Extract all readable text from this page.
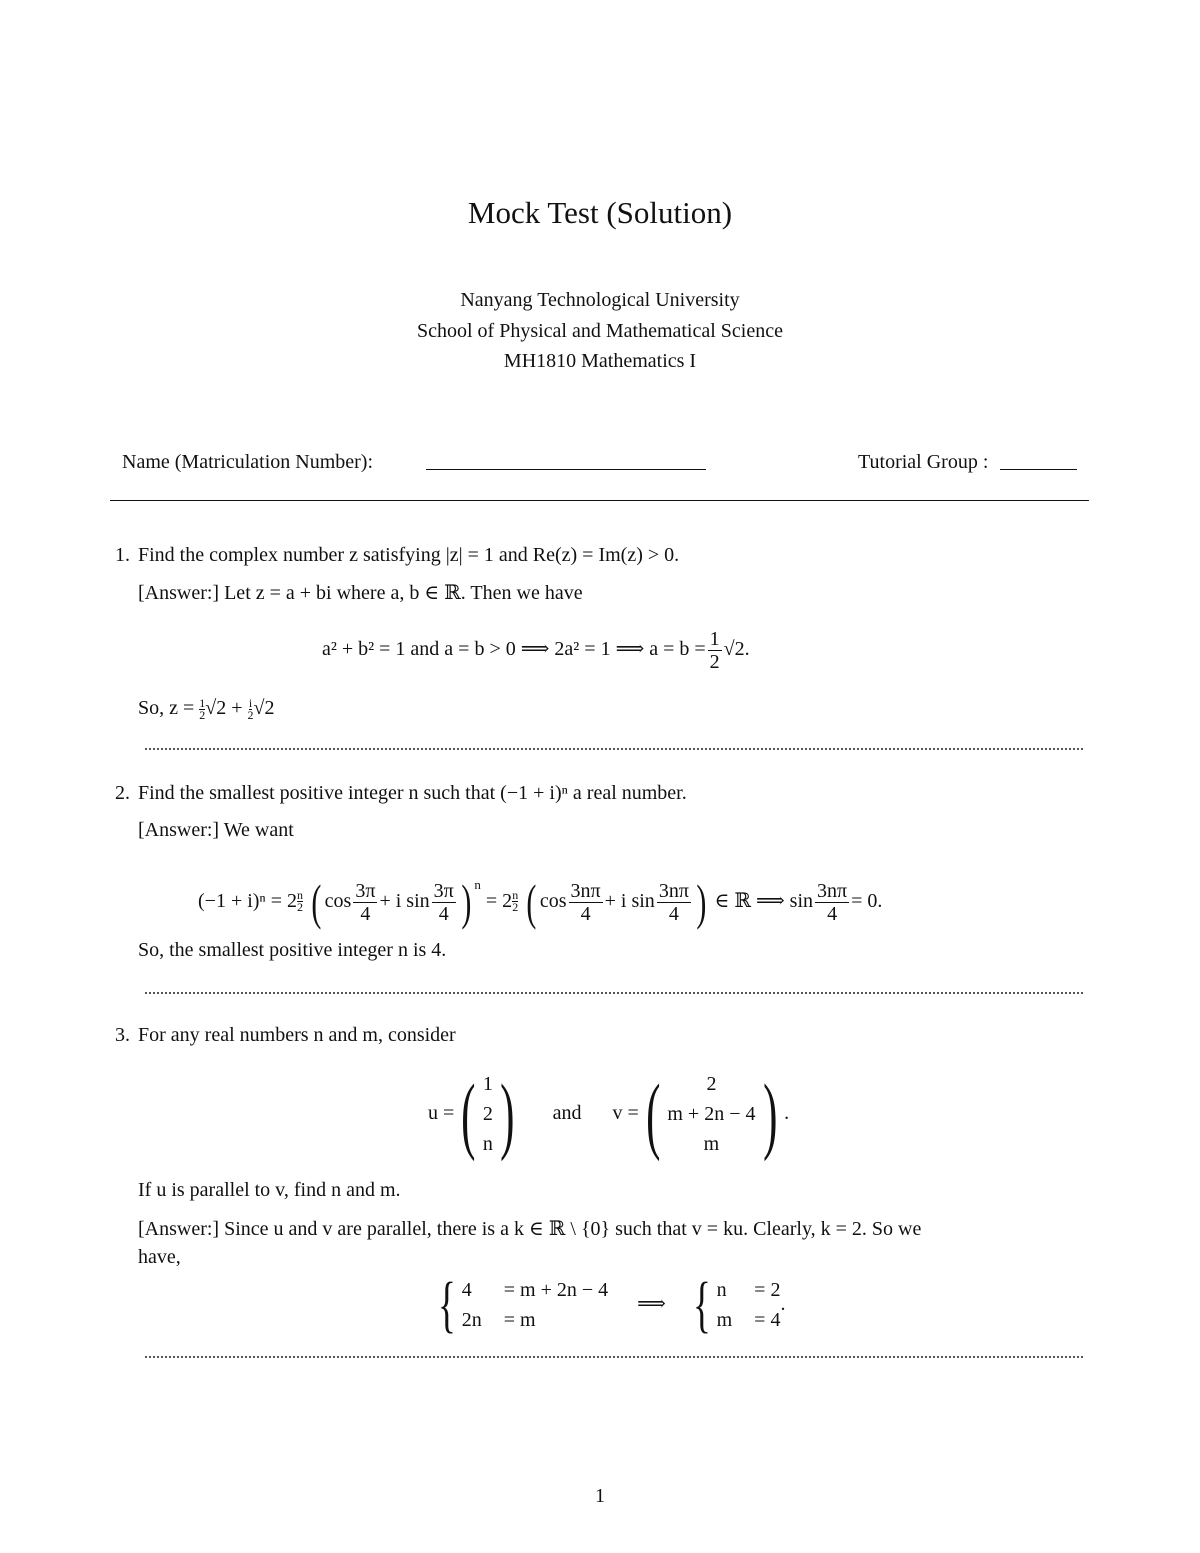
Mock Test (Solution)
Nanyang Technological University
School of Physical and Mathematical Science
MH1810 Mathematics I
Name (Matriculation Number):	Tutorial Group :
1. Find the complex number z satisfying |z| = 1 and Re(z) = Im(z) > 0.
[Answer:] Let z = a + bi where a, b ∈ ℝ. Then we have
a² + b² = 1 and a = b > 0 ⟹ 2a² = 1 ⟹ $a = b = \frac{1}{2} √2$.
So, $z = \frac{1}{2} √2 + \frac{i}{2} √2$
2. Find the smallest positive integer n such that (−1 + i)ⁿ a real number.
[Answer:] We want
$(-1 + i)^n = 2 \frac{n}{2}$ ( $\cos \frac{3\pi}{4} + i$ $\sin \frac{3\pi}{4}$ ) $^n = 2 \frac{n}{2}$ ( $\cos \frac{3n\pi}{4} + i$ $\sin \frac{3n\pi}{4}$ ) ∈ ℝ ⟹ $\sin \frac{3n\pi}{4} = 0$.
So, the smallest positive integer n is 4.
3. For any real numbers n and m, consider
u =( 1
2
n ) and v =( 2
m + 2n − 4
m ) .
If u is parallel to v, find n and m.
[Answer:] Since u and v are parallel, there is a k ∈ ℝ \ {0} such that v = ku. Clearly, k = 2. So we
have,
{ 4	= m + 2n − 4
2n = m
⟹ { n = 2
m = 4
.
1
